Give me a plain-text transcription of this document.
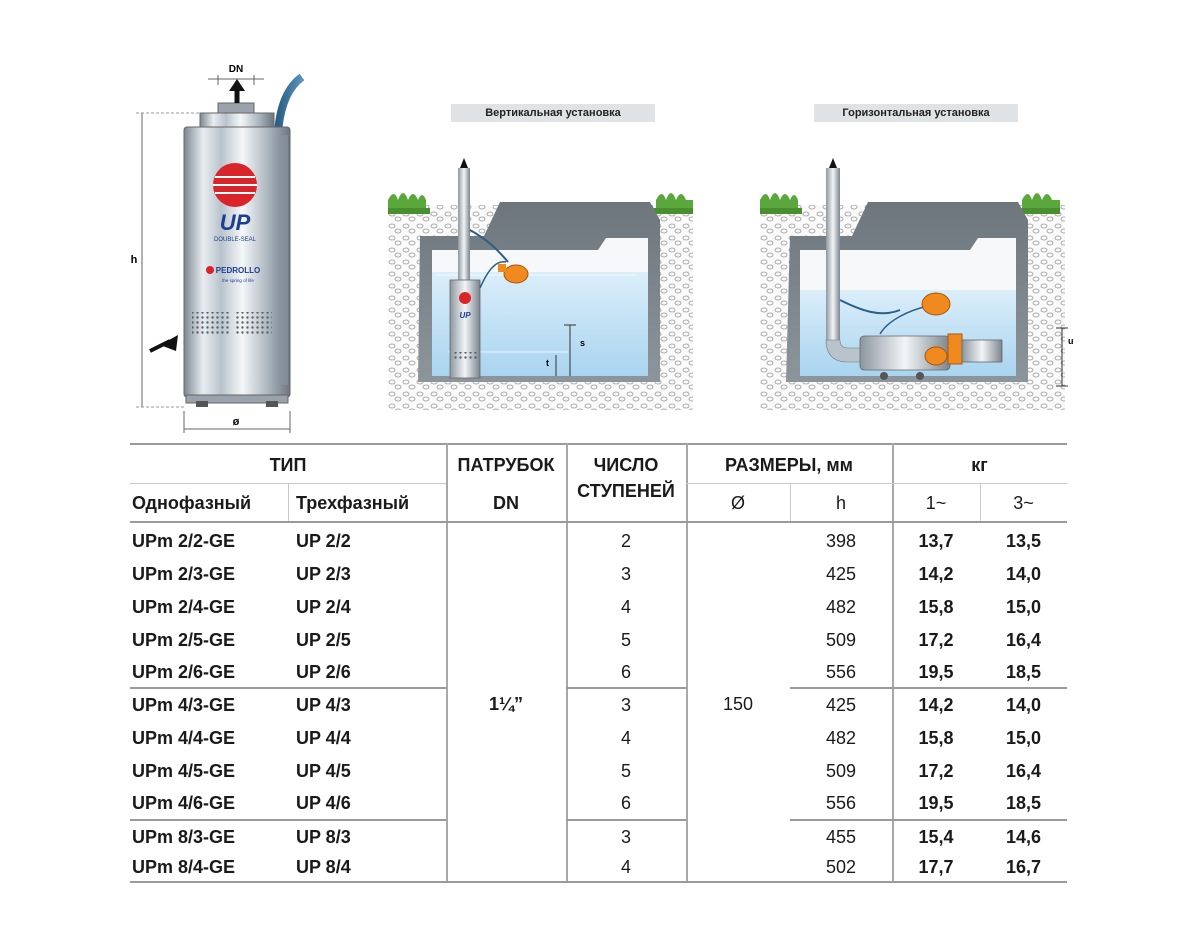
UP
DOUBLE-SEAL
PEDROLLO
the spring of life
DN
h
ø
Вертикальная установка	Горизонтальная установка
UP
s
t
u
ТИП	ПАТРУБОК	ЧИСЛО
СТУПЕНЕЙ
РАЗМЕРЫ, мм	кг
Однофазный Трехфазный	DN	Ø	h	1~	3~
1¼”	150
UPm 2/2-GE	UP 2/2	2	398	13,7	13,5
UPm 2/3-GE	UP 2/3	3	425	14,2	14,0
UPm 2/4-GE	UP 2/4	4	482	15,8	15,0
UPm 2/5-GE	UP 2/5	5	509	17,2	16,4
UPm 2/6-GE	UP 2/6	6	556	19,5	18,5
UPm 4/3-GE	UP 4/3	3	425	14,2	14,0
UPm 4/4-GE	UP 4/4	4	482	15,8	15,0
UPm 4/5-GE	UP 4/5	5	509	17,2	16,4
UPm 4/6-GE	UP 4/6	6	556	19,5	18,5
UPm 8/3-GE	UP 8/3	3	455	15,4	14,6
UPm 8/4-GE	UP 8/4	4	502	17,7	16,7
